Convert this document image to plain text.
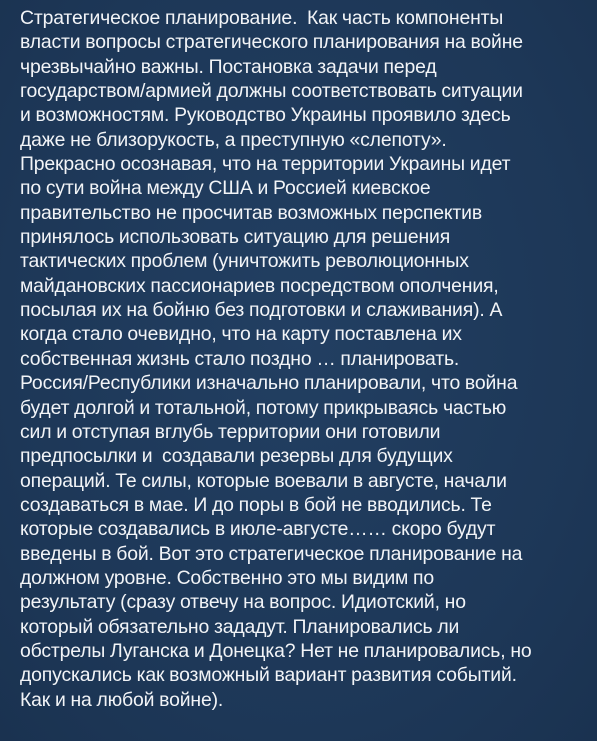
Стратегическое планирование.  Как часть компоненты
власти вопросы стратегического планирования на войне
чрезвычайно важны. Постановка задачи перед
государством/армией должны соответствовать ситуации
и возможностям. Руководство Украины проявило здесь
даже не близорукость, а преступную «слепоту».
Прекрасно осознавая, что на территории Украины идет
по сути война между США и Россией киевское
правительство не просчитав возможных перспектив
принялось использовать ситуацию для решения
тактических проблем (уничтожить революционных
майдановских пассионариев посредством ополчения,
посылая их на бойню без подготовки и слаживания). А
когда стало очевидно, что на карту поставлена их
собственная жизнь стало поздно … планировать.
Россия/Республики изначально планировали, что война
будет долгой и тотальной, потому прикрываясь частью
сил и отступая вглубь территории они готовили
предпосылки и  создавали резервы для будущих
операций. Те силы, которые воевали в августе, начали
создаваться в мае. И до поры в бой не вводились. Те
которые создавались в июле-августе…… скоро будут
введены в бой. Вот это стратегическое планирование на
должном уровне. Собственно это мы видим по
результату (сразу отвечу на вопрос. Идиотский, но
который обязательно зададут. Планировались ли
обстрелы Луганска и Донецка? Нет не планировались, но
допускались как возможный вариант развития событий.
Как и на любой войне).
